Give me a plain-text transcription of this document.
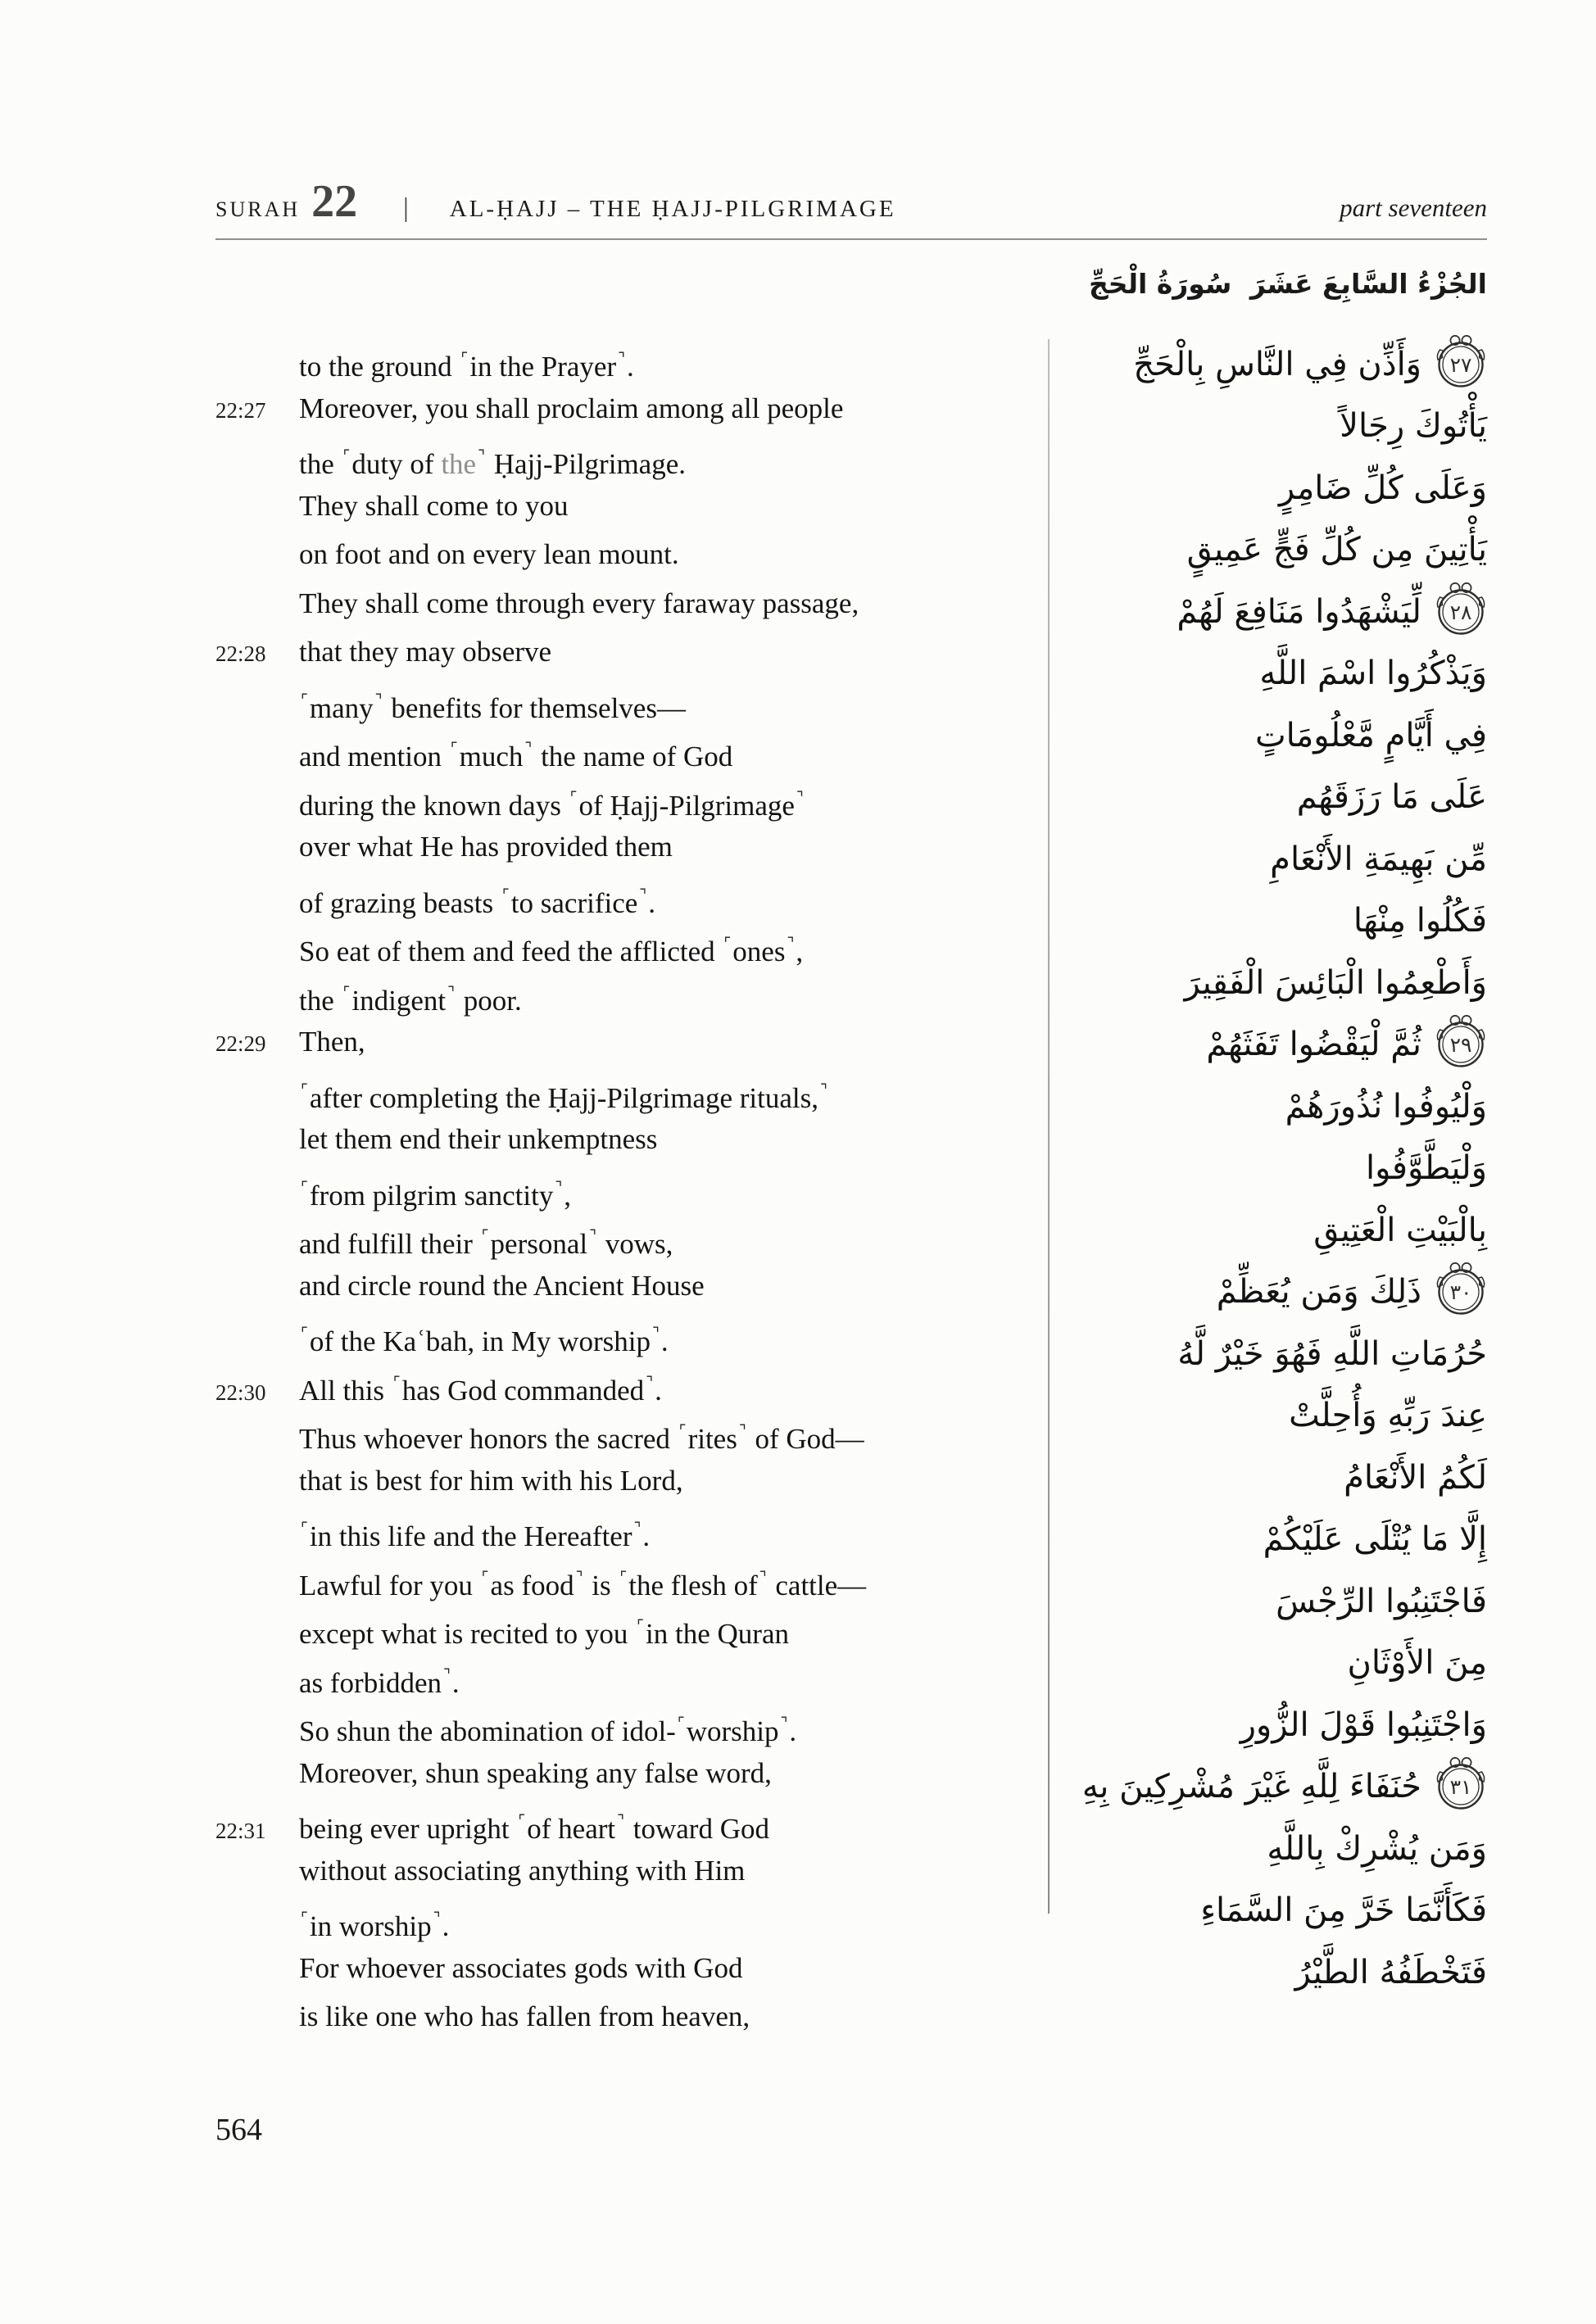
SURAH 22 | AL-ḤAJJ – THE ḤAJJ-PILGRIMAGE	part seventeen
الجُزْءُ السَّابِعَ عَشَرَ
سُورَةُ الْحَجِّ
to the ground ⌜in the Prayer ⌝.
22:27	Moreover, you shall proclaim among all people
the ⌜duty of the ⌝ Ḥajj-Pilgrimage.
They shall come to you
on foot and on every lean mount.
They shall come through every faraway passage,
22:28	that they may observe
⌜many ⌝ benefits for themselves—
and mention ⌜much ⌝ the name of God
during the known days ⌜of Ḥajj-Pilgrimage ⌝
over what He has provided them
of grazing beasts ⌜to sacrifice ⌝.
So eat of them and feed the afflicted ⌜ones ⌝,
the ⌜indigent ⌝ poor.
22:29	Then,
⌜after completing the Ḥajj-Pilgrimage rituals, ⌝
let them end their unkemptness
⌜from pilgrim sanctity ⌝,
and fulfill their ⌜personal ⌝ vows,
and circle round the Ancient House
⌜of the Kaʿbah, in My worship ⌝.
22:30	All this ⌜has God commanded ⌝.
Thus whoever honors the sacred ⌜rites ⌝ of God—
that is best for him with his Lord,
⌜in this life and the Hereafter ⌝.
Lawful for you ⌜as food ⌝ is ⌜the flesh of ⌝ cattle—
except what is recited to you ⌜in the Quran
as forbidden ⌝.
So shun the abomination of idol- ⌜worship ⌝.
Moreover, shun speaking any false word,
22:31	being ever upright ⌜of heart ⌝ toward God
without associating anything with Him
⌜in worship ⌝.
For whoever associates gods with God
is like one who has fallen from heaven,
٢٧
وَأَذِّن فِي النَّاسِ بِالْحَجِّ
يَأْتُوكَ رِجَالاً
وَعَلَى كُلِّ ضَامِرٍ
يَأْتِينَ مِن كُلِّ فَجٍّ عَمِيقٍ
٢٨
لِّيَشْهَدُوا مَنَافِعَ لَهُمْ
وَيَذْكُرُوا اسْمَ اللَّهِ
فِي أَيَّامٍ مَّعْلُومَاتٍ
عَلَى مَا رَزَقَهُم
مِّن بَهِيمَةِ الأَنْعَامِ
فَكُلُوا مِنْهَا
وَأَطْعِمُوا الْبَائِسَ الْفَقِيرَ
٢٩
ثُمَّ لْيَقْضُوا تَفَثَهُمْ
وَلْيُوفُوا نُذُورَهُمْ
وَلْيَطَّوَّفُوا
بِالْبَيْتِ الْعَتِيقِ
٣٠
ذَلِكَ وَمَن يُعَظِّمْ
حُرُمَاتِ اللَّهِ فَهُوَ خَيْرٌ لَّهُ
عِندَ رَبِّهِ وَأُحِلَّتْ
لَكُمُ الأَنْعَامُ
إِلَّا مَا يُتْلَى عَلَيْكُمْ
فَاجْتَنِبُوا الرِّجْسَ
مِنَ الأَوْثَانِ
وَاجْتَنِبُوا قَوْلَ الزُّورِ
٣١
حُنَفَاءَ لِلَّهِ غَيْرَ مُشْرِكِينَ بِهِ
وَمَن يُشْرِكْ بِاللَّهِ
فَكَأَنَّمَا خَرَّ مِنَ السَّمَاءِ
فَتَخْطَفُهُ الطَّيْرُ
564
